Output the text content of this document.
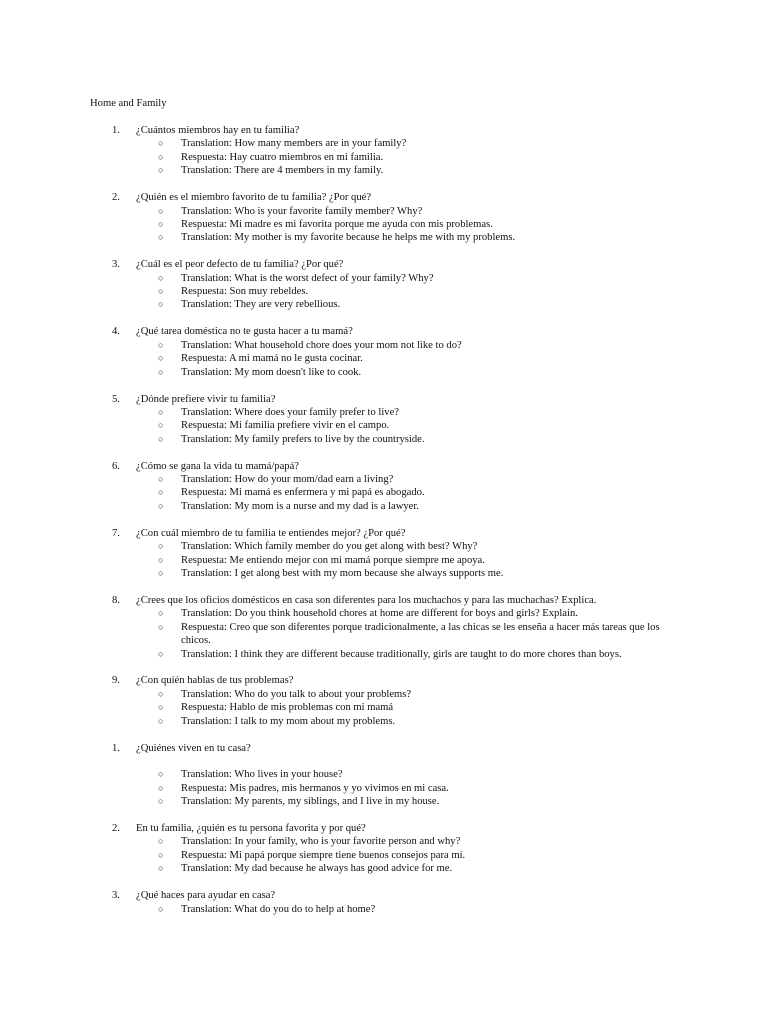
Home and Family
1. ¿Cuántos miembros hay en tu familia?
○ Translation: How many members are in your family?
○ Respuesta: Hay cuatro miembros en mi familia.
○ Translation: There are 4 members in my family.
2. ¿Quién es el miembro favorito de tu familia? ¿Por qué?
○ Translation: Who is your favorite family member? Why?
○ Respuesta: Mi madre es mi favorita porque me ayuda con mis problemas.
○ Translation: My mother is my favorite because he helps me with my problems.
3. ¿Cuál es el peor defecto de tu familia? ¿Por qué?
○ Translation: What is the worst defect of your family? Why?
○ Respuesta: Son muy rebeldes.
○ Translation: They are very rebellious.
4. ¿Qué tarea doméstica no te gusta hacer a tu mamá?
○ Translation: What household chore does your mom not like to do?
○ Respuesta: A mi mamá no le gusta cocinar.
○ Translation: My mom doesn't like to cook.
5. ¿Dónde prefiere vivir tu familia?
○ Translation: Where does your family prefer to live?
○ Respuesta: Mi familia prefiere vivir en el campo.
○ Translation: My family prefers to live by the countryside.
6. ¿Cómo se gana la vida tu mamá/papá?
○ Translation: How do your mom/dad earn a living?
○ Respuesta: Mi mamá es enfermera y mi papá es abogado.
○ Translation: My mom is a nurse and my dad is a lawyer.
7. ¿Con cuál miembro de tu familia te entiendes mejor? ¿Por qué?
○ Translation: Which family member do you get along with best? Why?
○ Respuesta: Me entiendo mejor con mi mamá porque siempre me apoya.
○ Translation: I get along best with my mom because she always supports me.
8. ¿Crees que los oficios domésticos en casa son diferentes para los muchachos y para las muchachas? Explica.
○ Translation: Do you think household chores at home are different for boys and girls? Explain.
○ Respuesta: Creo que son diferentes porque tradicionalmente, a las chicas se les enseña a hacer más tareas que los chicos.
○ Translation: I think they are different because traditionally, girls are taught to do more chores than boys.
9. ¿Con quién hablas de tus problemas?
○ Translation: Who do you talk to about your problems?
○ Respuesta: Hablo de mis problemas con mi mamá
○ Translation: I talk to my mom about my problems.
1. ¿Quiénes viven en tu casa?
○ Translation: Who lives in your house?
○ Respuesta: Mis padres, mis hermanos y yo vivimos en mi casa.
○ Translation: My parents, my siblings, and I live in my house.
2. En tu familia, ¿quién es tu persona favorita y por qué?
○ Translation: In your family, who is your favorite person and why?
○ Respuesta: Mi papá porque siempre tiene buenos consejos para mí.
○ Translation: My dad because he always has good advice for me.
3. ¿Qué haces para ayudar en casa?
○ Translation: What do you do to help at home?
